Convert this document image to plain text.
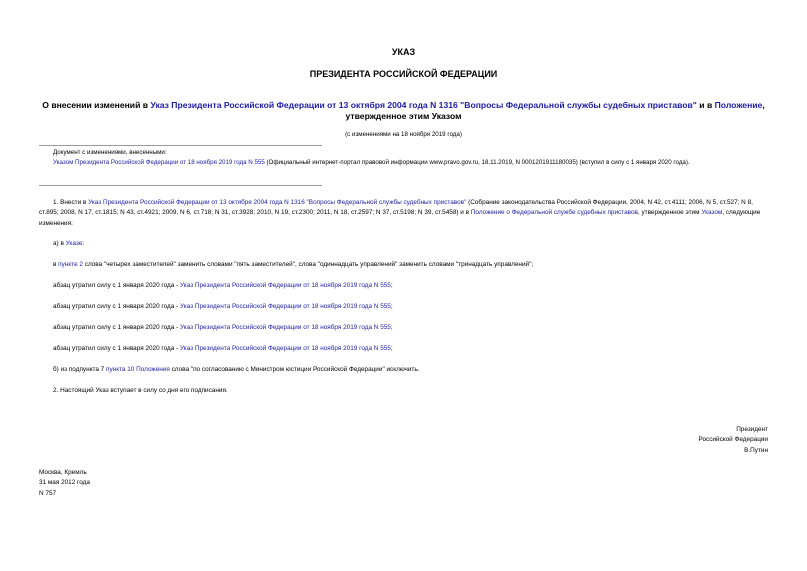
УКАЗ
ПРЕЗИДЕНТА РОССИЙСКОЙ ФЕДЕРАЦИИ
О внесении изменений в Указ Президента Российской Федерации от 13 октября 2004 года N 1316 "Вопросы Федеральной службы судебных приставов" и в Положение, утвержденное этим Указом
(с изменениями на 18 ноября 2019 года)
Документ с изменениями, внесенными:
Указом Президента Российской Федерации от 18 ноября 2019 года N 555 (Официальный интернет-портал правовой информации www.pravo.gov.ru, 18.11.2019, N 0001201911180035) (вступил в силу с 1 января 2020 года).
1. Внести в Указ Президента Российской Федерации от 13 октября 2004 года N 1316 "Вопросы Федеральной службы судебных приставов" (Собрание законодательства Российской Федерации, 2004, N 42, ст.4111; 2006, N 5, ст.527; N 8, ст.895; 2008, N 17, ст.1815; N 43, ст.4921; 2009, N 6, ст.718; N 31, ст.3928; 2010, N 19, ст.2300; 2011, N 18, ст.2597; N 37, ст.5198; N 39, ст.5458) и в Положение о Федеральной службе судебных приставов, утвержденное этим Указом, следующие изменения:
а) в Указе:
в пункте 2 слова "четырех заместителей" заменить словами "пять заместителей", слова "одиннадцать управлений" заменить словами "тринадцать управлений";
абзац утратил силу с 1 января 2020 года - Указ Президента Российской Федерации от 18 ноября 2019 года N 555;
абзац утратил силу с 1 января 2020 года - Указ Президента Российской Федерации от 18 ноября 2019 года N 555;
абзац утратил силу с 1 января 2020 года - Указ Президента Российской Федерации от 18 ноября 2019 года N 555;
абзац утратил силу с 1 января 2020 года - Указ Президента Российской Федерации от 18 ноября 2019 года N 555;
б) из подпункта 7 пункта 10 Положения слова "по согласованию с Министром юстиции Российской Федерации" исключить.
2. Настоящий Указ вступает в силу со дня его подписания.
Президент
Российской Федерации
В.Путин
Москва, Кремль
31 мая 2012 года
N 757
